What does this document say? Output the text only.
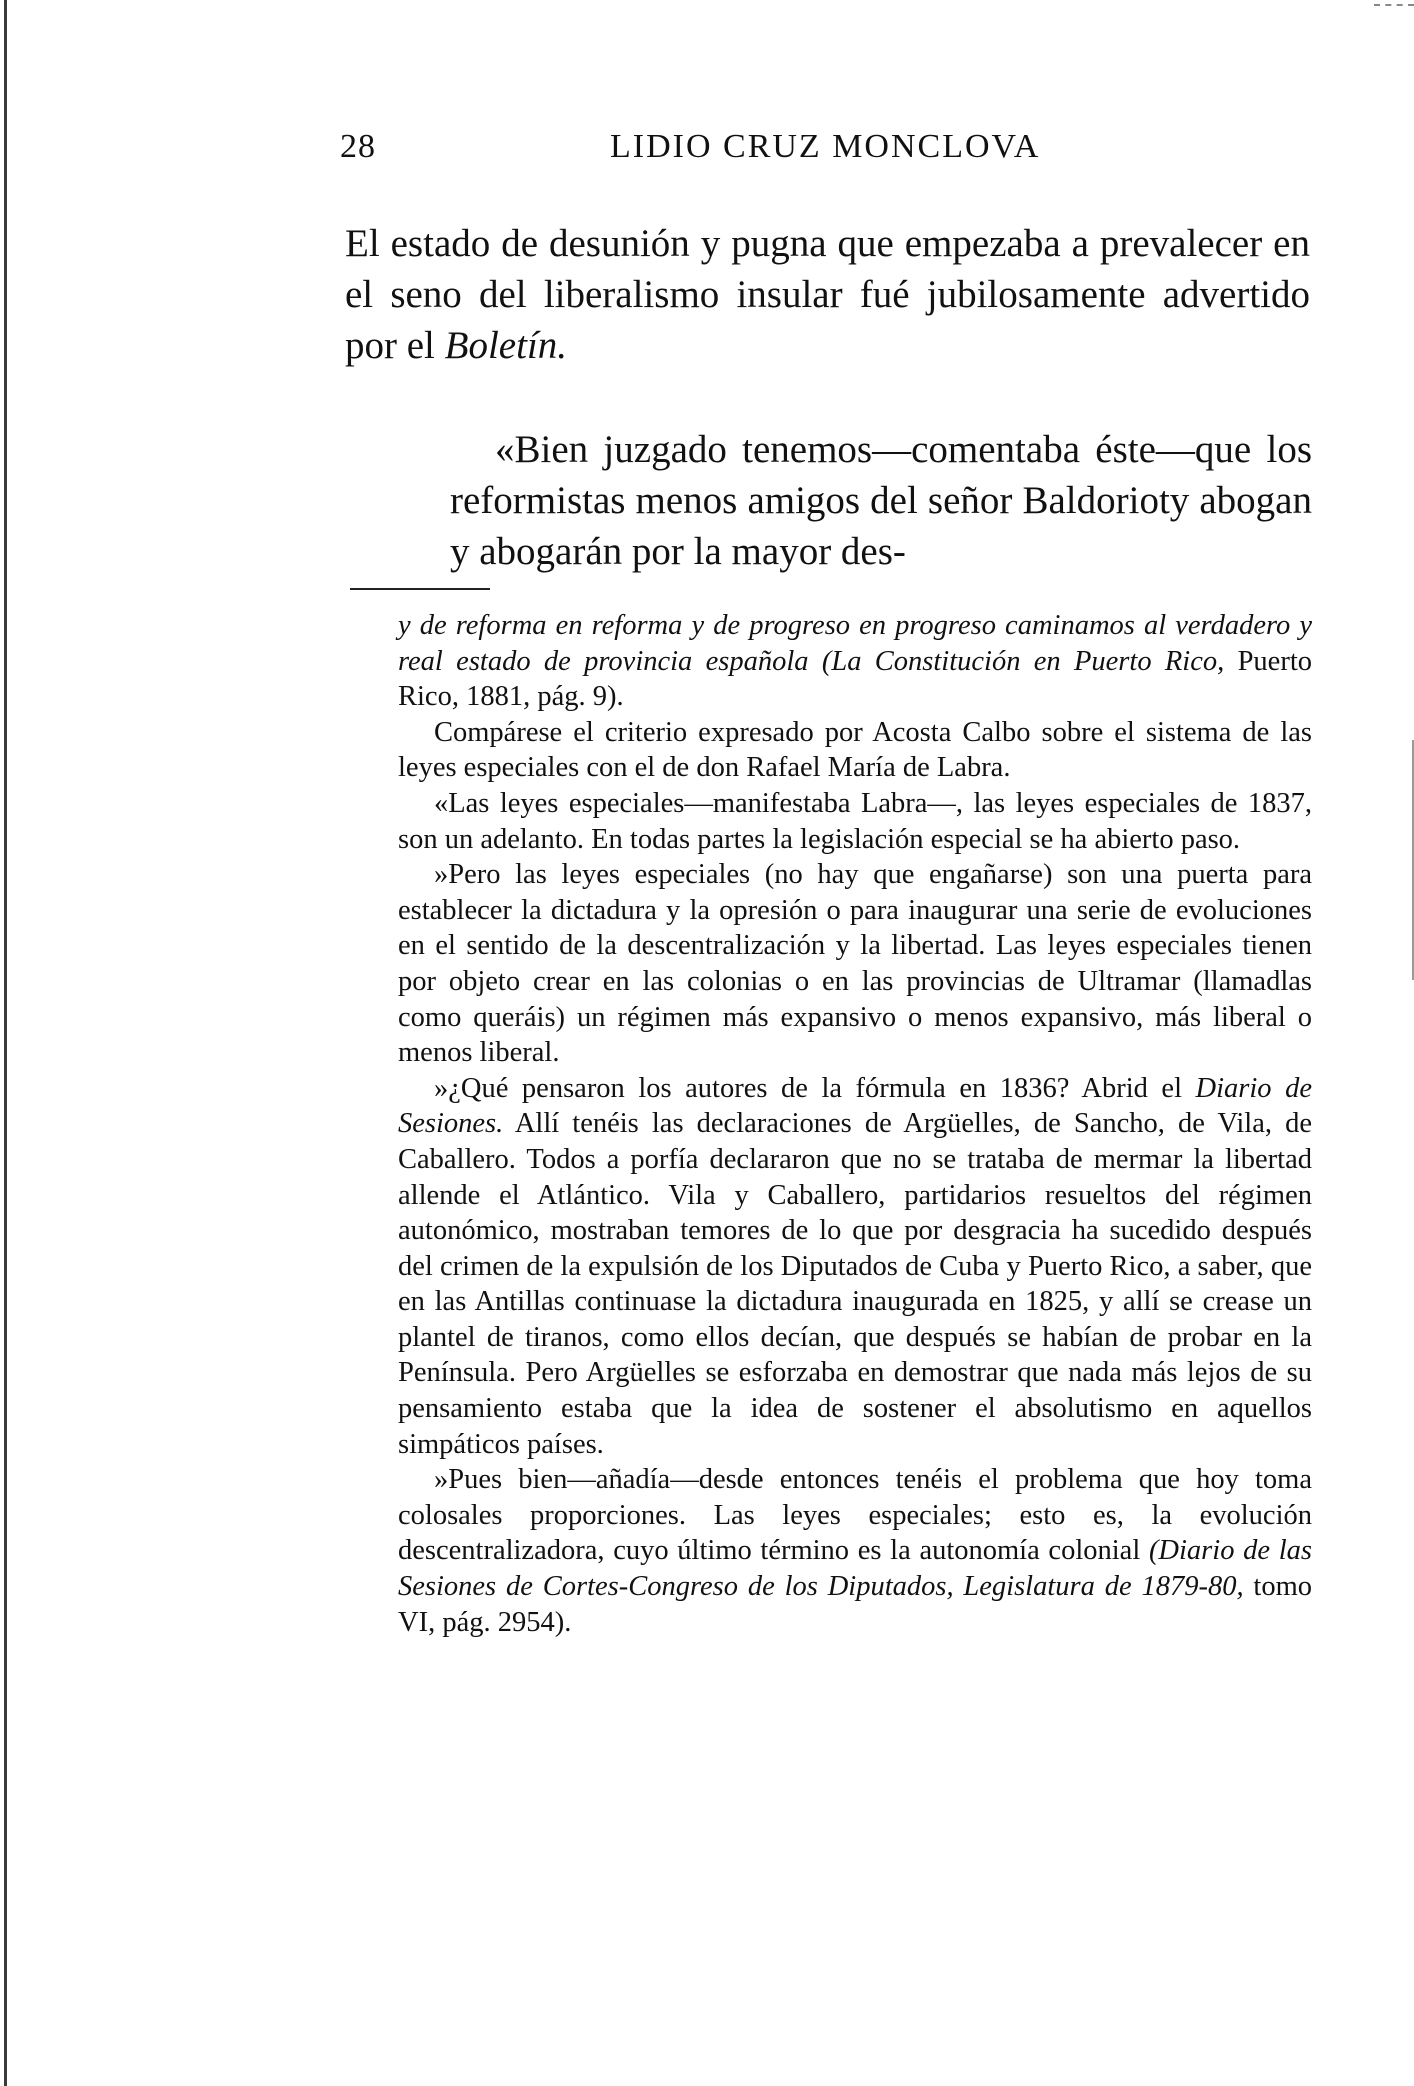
28	LIDIO CRUZ MONCLOVA

El estado de desunión y pugna que empezaba a prevalecer en el seno del liberalismo insular fué jubilosamente advertido por el Boletín.

«Bien juzgado tenemos—comentaba éste—que los reformistas menos amigos del señor Baldorioty abogan y abogarán por la mayor des-

y de reforma en reforma y de progreso en progreso caminamos al verdadero y real estado de provincia española (La Constitución en Puerto Rico, Puerto Rico, 1881, pág. 9).

Compárese el criterio expresado por Acosta Calbo sobre el sistema de las leyes especiales con el de don Rafael María de Labra.

«Las leyes especiales—manifestaba Labra—, las leyes especiales de 1837, son un adelanto. En todas partes la legislación especial se ha abierto paso.

»Pero las leyes especiales (no hay que engañarse) son una puerta para establecer la dictadura y la opresión o para inaugurar una serie de evoluciones en el sentido de la descentralización y la libertad. Las leyes especiales tienen por objeto crear en las colonias o en las provincias de Ultramar (llamadlas como queráis) un régimen más expansivo o menos expansivo, más liberal o menos liberal.

»¿Qué pensaron los autores de la fórmula en 1836? Abrid el Diario de Sesiones. Allí tenéis las declaraciones de Argüelles, de Sancho, de Vila, de Caballero. Todos a porfía declararon que no se trataba de mermar la libertad allende el Atlántico. Vila y Caballero, partidarios resueltos del régimen autonómico, mostraban temores de lo que por desgracia ha sucedido después del crimen de la expulsión de los Diputados de Cuba y Puerto Rico, a saber, que en las Antillas continuase la dictadura inaugurada en 1825, y allí se crease un plantel de tiranos, como ellos decían, que después se habían de probar en la Península. Pero Argüelles se esforzaba en demostrar que nada más lejos de su pensamiento estaba que la idea de sostener el absolutismo en aquellos simpáticos países.

»Pues bien—añadía—desde entonces tenéis el problema que hoy toma colosales proporciones. Las leyes especiales; esto es, la evolución descentralizadora, cuyo último término es la autonomía colonial (Diario de las Sesiones de Cortes-Congreso de los Diputados, Legislatura de 1879-80, tomo VI, pág. 2954).
